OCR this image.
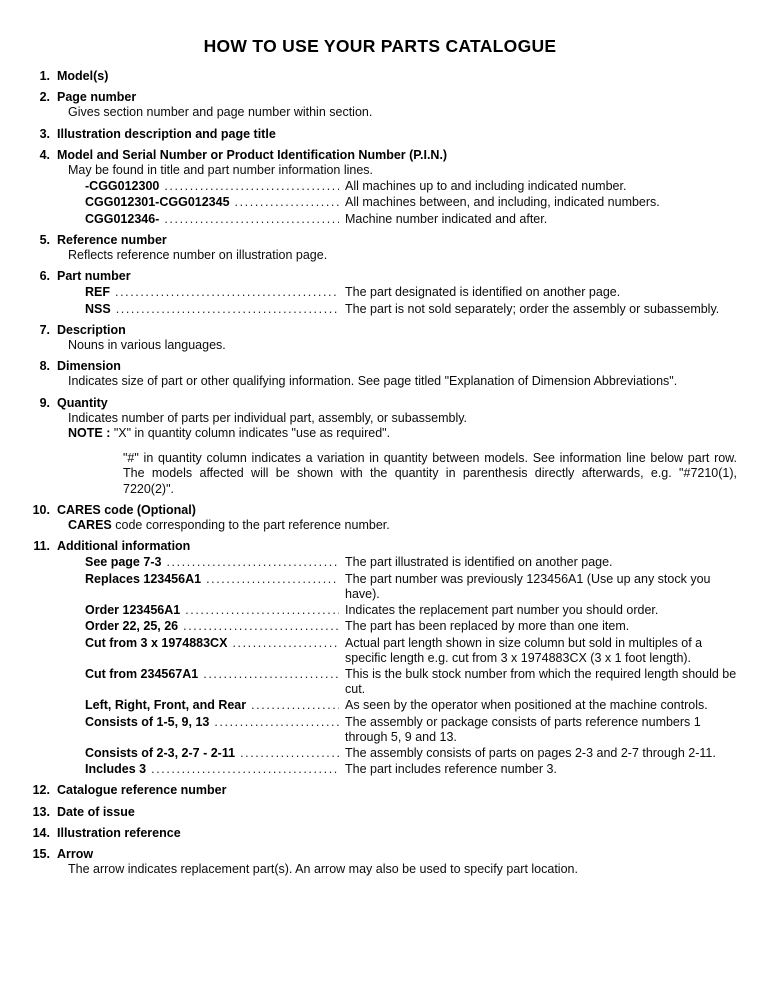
HOW TO USE YOUR PARTS CATALOGUE
1. Model(s)
2. Page number

Gives section number and page number within section.

3. Illustration description and page title
4. Model and Serial Number or Product Identification Number (P.I.N.)

May be found in title and part number information lines.

-CGG012300 .....	All machines up to and including indicated number.
CGG012301-CGG012345 .....	All machines between, and including, indicated numbers.
CGG012346- .....	Machine number indicated and after.
5. Reference number

Reflects reference number on illustration page.

6. Part number
REF .....	The part designated is identified on another page.
NSS .....	The part is not sold separately; order the assembly or subassembly.
7. Description

Nouns in various languages.

8. Dimension

Indicates size of part or other qualifying information. See page titled "Explanation of Dimension Abbreviations".

9. Quantity

Indicates number of parts per individual part, assembly, or subassembly.

NOTE : "X" in quantity column indicates "use as required".

"#" in quantity column indicates a variation in quantity between models. See information line below part row. The models affected will be shown with the quantity in parenthesis directly afterwards, e.g. "#7210(1), 7220(2)".

10. CARES code (Optional)

CARES code corresponding to the part reference number.

11. Additional information
See page 7-3 .....	The part illustrated is identified on another page.
Replaces 123456A1 .....	The part number was previously 123456A1 (Use up any stock you have).
Order 123456A1 .....	Indicates the replacement part number you should order.
Order 22, 25, 26 .....	The part has been replaced by more than one item.
Cut from 3 x 1974883CX .....	Actual part length shown in size column but sold in multiples of a specific length e.g. cut from 3 x 1974883CX (3 x 1 foot length).
Cut from 234567A1 .....	This is the bulk stock number from which the required length should be cut.
Left, Right, Front, and Rear .....	As seen by the operator when positioned at the machine controls.
Consists of 1-5, 9, 13 .....	The assembly or package consists of parts reference numbers 1 through 5, 9 and 13.
Consists of 2-3, 2-7 - 2-11 .....	The assembly consists of parts on pages 2-3 and 2-7 through 2-11.
Includes 3 .....	The part includes reference number 3.
12. Catalogue reference number
13. Date of issue
14. Illustration reference
15. Arrow

The arrow indicates replacement part(s). An arrow may also be used to specify part location.
